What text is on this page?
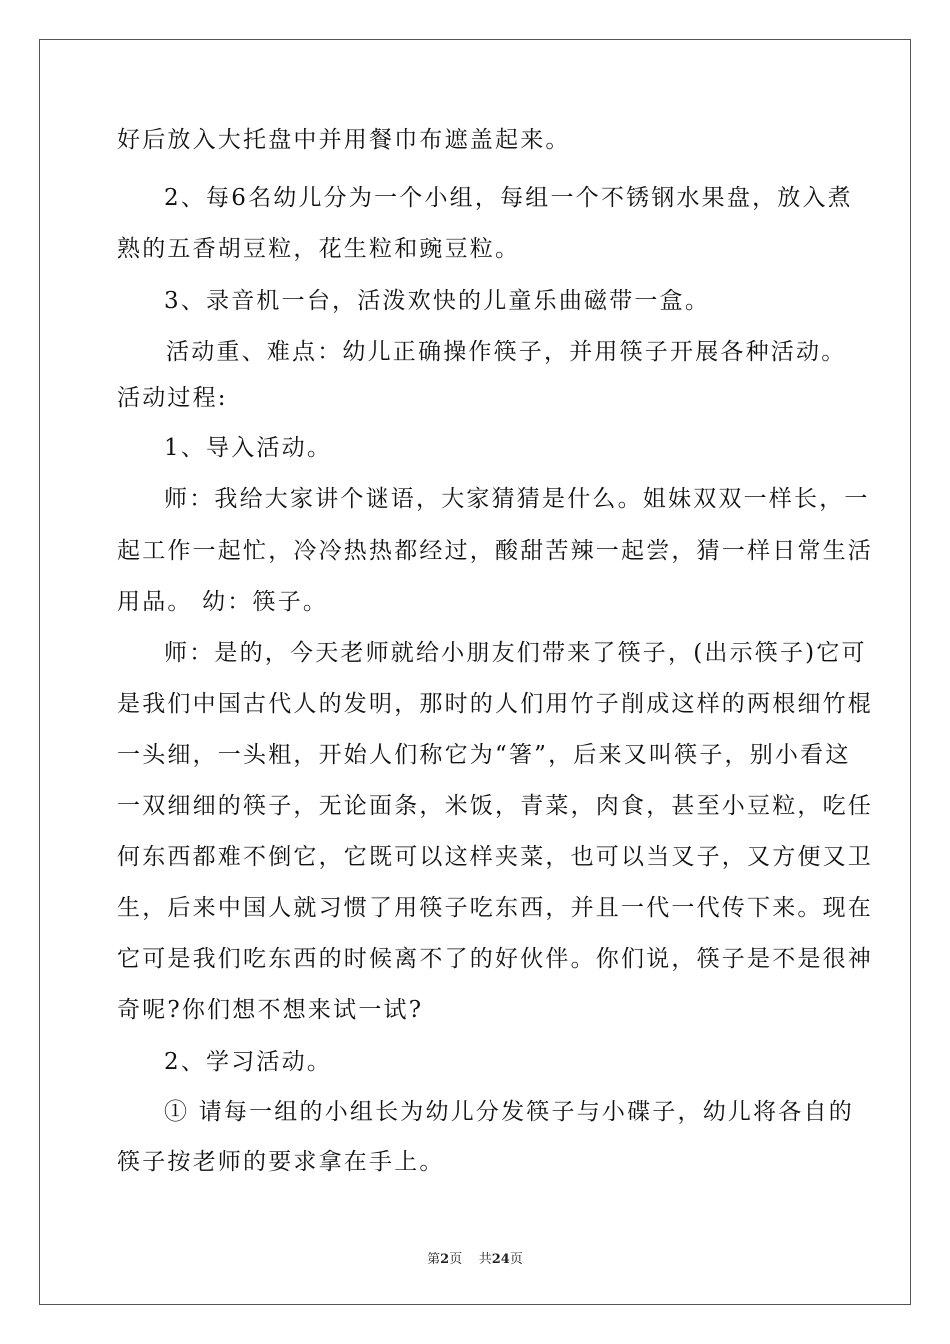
好后放入大托盘中并用餐巾布遮盖起来。
2、每6名幼儿分为一个小组，每组一个不锈钢水果盘，放入煮
熟的五香胡豆粒，花生粒和豌豆粒。
3、录音机一台，活泼欢快的儿童乐曲磁带一盒。
活动重、难点：幼儿正确操作筷子，并用筷子开展各种活动。
活动过程:
1、导入活动。
师：我给大家讲个谜语，大家猜猜是什么。姐妹双双一样长，一
起工作一起忙，冷冷热热都经过，酸甜苦辣一起尝，猜一样日常生活
用品。 幼：筷子。
师：是的，今天老师就给小朋友们带来了筷子，(出示筷子)它可
是我们中国古代人的发明，那时的人们用竹子削成这样的两根细竹棍
一头细，一头粗，开始人们称它为“箸”，后来又叫筷子，别小看这
一双细细的筷子，无论面条，米饭，青菜，肉食，甚至小豆粒，吃任
何东西都难不倒它，它既可以这样夹菜，也可以当叉子，又方便又卫
生，后来中国人就习惯了用筷子吃东西，并且一代一代传下来。现在
它可是我们吃东西的时候离不了的好伙伴。你们说，筷子是不是很神
奇呢?你们想不想来试一试?
2、学习活动。
① 请每一组的小组长为幼儿分发筷子与小碟子，幼儿将各自的
筷子按老师的要求拿在手上。
第2页 共24页
